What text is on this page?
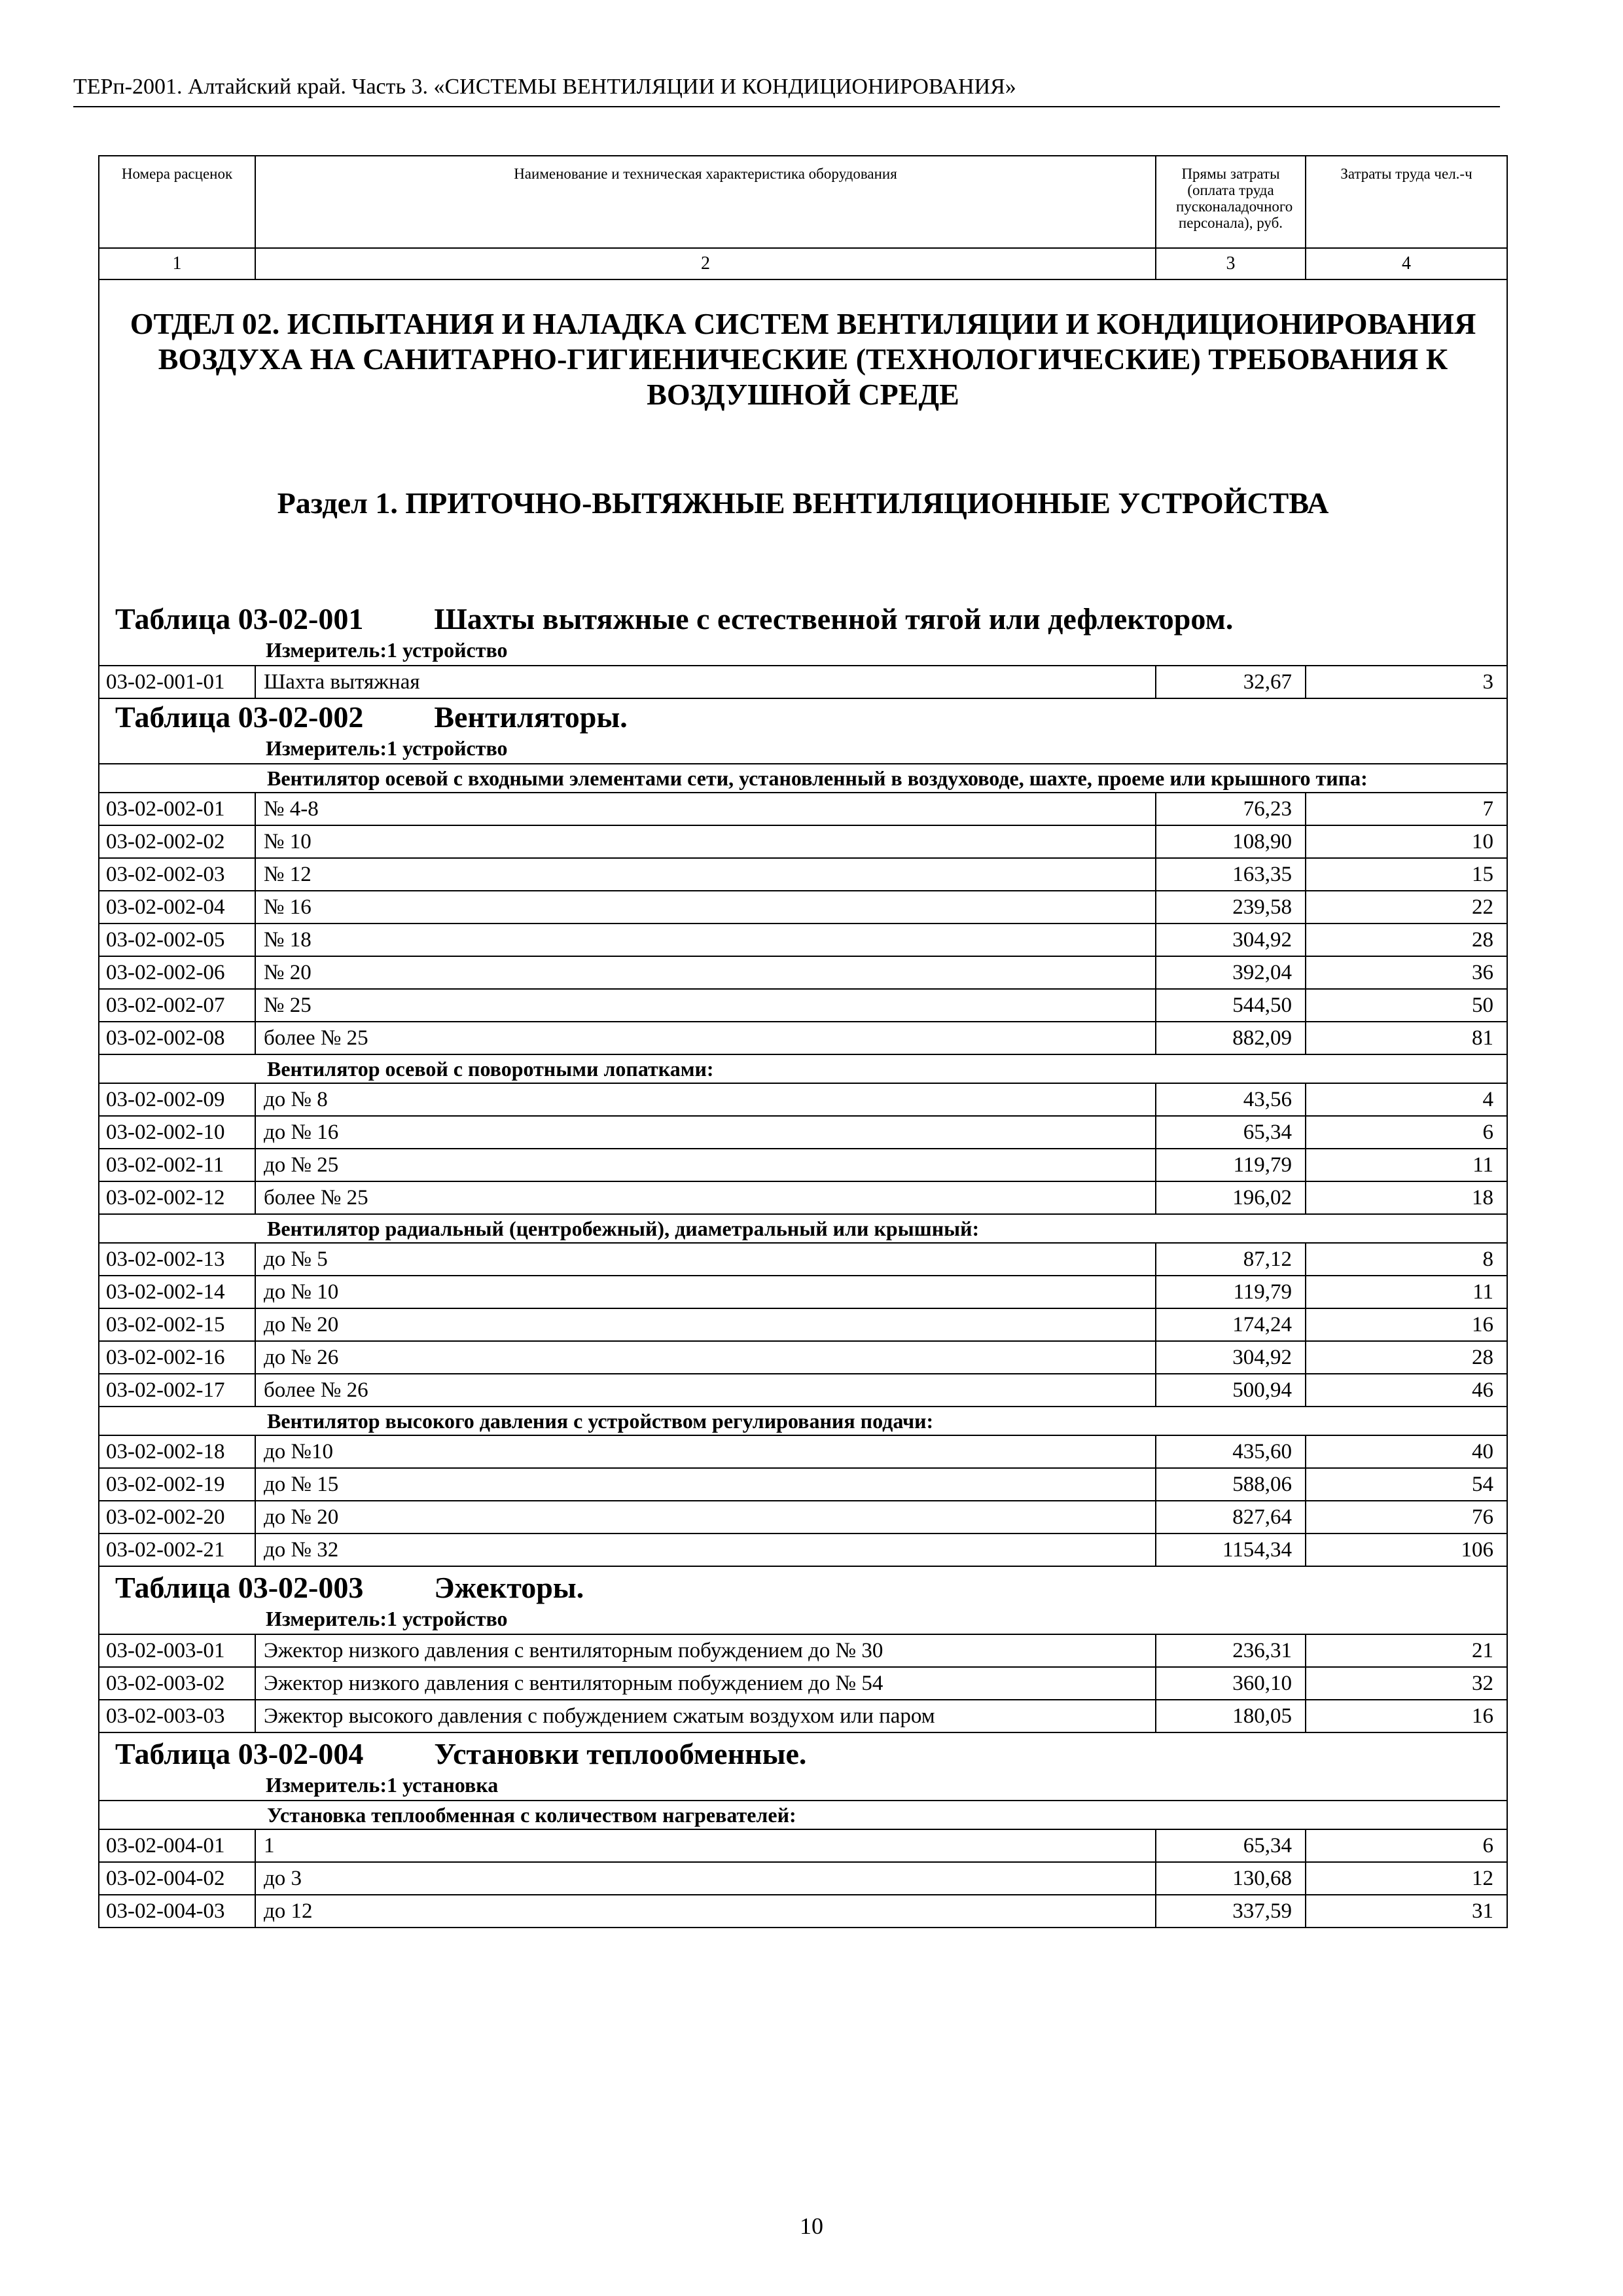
ТЕРп-2001. Алтайский край. Часть 3. «СИСТЕМЫ ВЕНТИЛЯЦИИ И КОНДИЦИОНИРОВАНИЯ»
Номера расценок	Наименование и техническая характеристика оборудования	Прямы затраты (оплата труда пусконаладочного персонала), руб.	Затраты труда чел.-ч
1	2	3	4

ОТДЕЛ 02. ИСПЫТАНИЯ И НАЛАДКА СИСТЕМ ВЕНТИЛЯЦИИ И КОНДИЦИОНИРОВАНИЯ ВОЗДУХА НА САНИТАРНО-ГИГИЕНИЧЕСКИЕ (ТЕХНОЛОГИЧЕСКИЕ) ТРЕБОВАНИЯ К ВОЗДУШНОЙ СРЕДЕ
Раздел 1. ПРИТОЧНО-ВЫТЯЖНЫЕ ВЕНТИЛЯЦИОННЫЕ УСТРОЙСТВА			

Таблица 03-02-001 Шахты вытяжные с естественной тягой или дефлектором.
Измеритель:1 устройство			

03-02-001-01	Шахта вытяжная	32,67	3

Таблица 03-02-002 Вентиляторы.
Измеритель:1 устройство			

Вентилятор осевой с входными элементами сети, установленный в воздуховоде, шахте, проеме или крышного типа:			
03-02-002-01	№ 4-8	76,23	7
03-02-002-02	№ 10	108,90	10
03-02-002-03	№ 12	163,35	15
03-02-002-04	№ 16	239,58	22
03-02-002-05	№ 18	304,92	28
03-02-002-06	№ 20	392,04	36
03-02-002-07	№ 25	544,50	50
03-02-002-08	более № 25	882,09	81
Вентилятор осевой с поворотными лопатками:			
03-02-002-09	до № 8	43,56	4
03-02-002-10	до № 16	65,34	6
03-02-002-11	до № 25	119,79	11
03-02-002-12	более № 25	196,02	18
Вентилятор радиальный (центробежный), диаметральный или крышный:			
03-02-002-13	до № 5	87,12	8
03-02-002-14	до № 10	119,79	11
03-02-002-15	до № 20	174,24	16
03-02-002-16	до № 26	304,92	28
03-02-002-17	более № 26	500,94	46
Вентилятор высокого давления с устройством регулирования подачи:			
03-02-002-18	до №10	435,60	40
03-02-002-19	до № 15	588,06	54
03-02-002-20	до № 20	827,64	76
03-02-002-21	до № 32	1154,34	106

Таблица 03-02-003 Эжекторы.
Измеритель:1 устройство			

03-02-003-01	Эжектор низкого давления с вентиляторным побуждением до № 30	236,31	21
03-02-003-02	Эжектор низкого давления с вентиляторным побуждением до № 54	360,10	32
03-02-003-03	Эжектор высокого давления с побуждением сжатым воздухом или паром	180,05	16

Таблица 03-02-004 Установки теплообменные.
Измеритель:1 установка			

Установка теплообменная с количеством нагревателей:			
03-02-004-01	1	65,34	6
03-02-004-02	до 3	130,68	12
03-02-004-03	до 12	337,59	31
10
